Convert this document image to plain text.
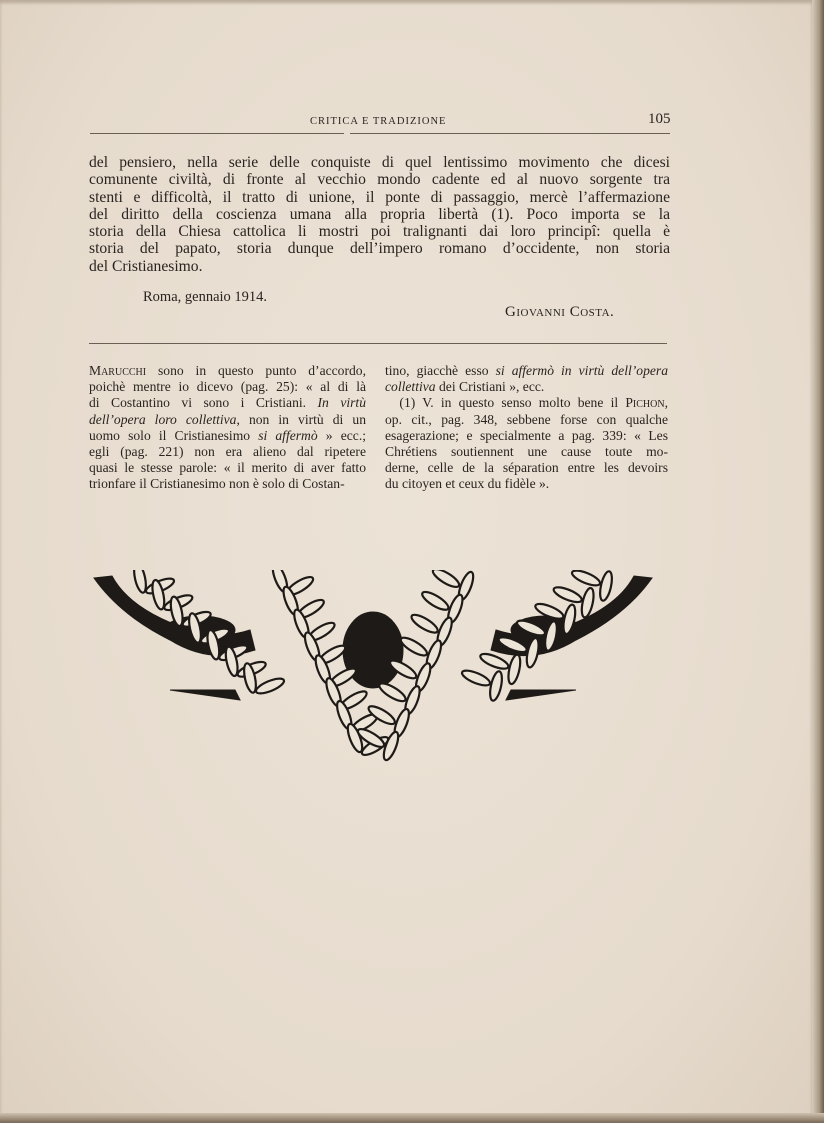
CRITICA E TRADIZIONE	105
del pensiero, nella serie delle conquiste di quel lentissimo movimento che dicesi
comunente civiltà, di fronte al vecchio mondo cadente ed al nuovo sorgente tra
stenti e difficoltà, il tratto di unione, il ponte di passaggio, mercè l’affermazione
del diritto della coscienza umana alla propria libertà (1). Poco importa se la
storia della Chiesa cattolica li mostri poi tralignanti dai loro principî: quella è
storia del papato, storia dunque dell’impero romano d’occidente, non storia
del Cristianesimo.
Roma, gennaio 1914.
Giovanni Costa.
Marucchi sono in questo punto d’accordo,
poichè mentre io dicevo (pag. 25): « al di là
di Costantino vi sono i Cristiani. In virtù
dell’opera loro collettiva, non in virtù di un
uomo solo il Cristianesimo si affermò » ecc.;
egli (pag. 221) non era alieno dal ripetere
quasi le stesse parole: « il merito di aver fatto
trionfare il Cristianesimo non è solo di Costan-
tino, giacchè esso si affermò in virtù dell’opera
collettiva dei Cristiani », ecc.
(1) V. in questo senso molto bene il Pichon,
op. cit., pag. 348, sebbene forse con qualche
esagerazione; e specialmente a pag. 339: « Les
Chrétiens soutiennent une cause toute mo-
derne, celle de la séparation entre les devoirs
du citoyen et ceux du fidèle ».
